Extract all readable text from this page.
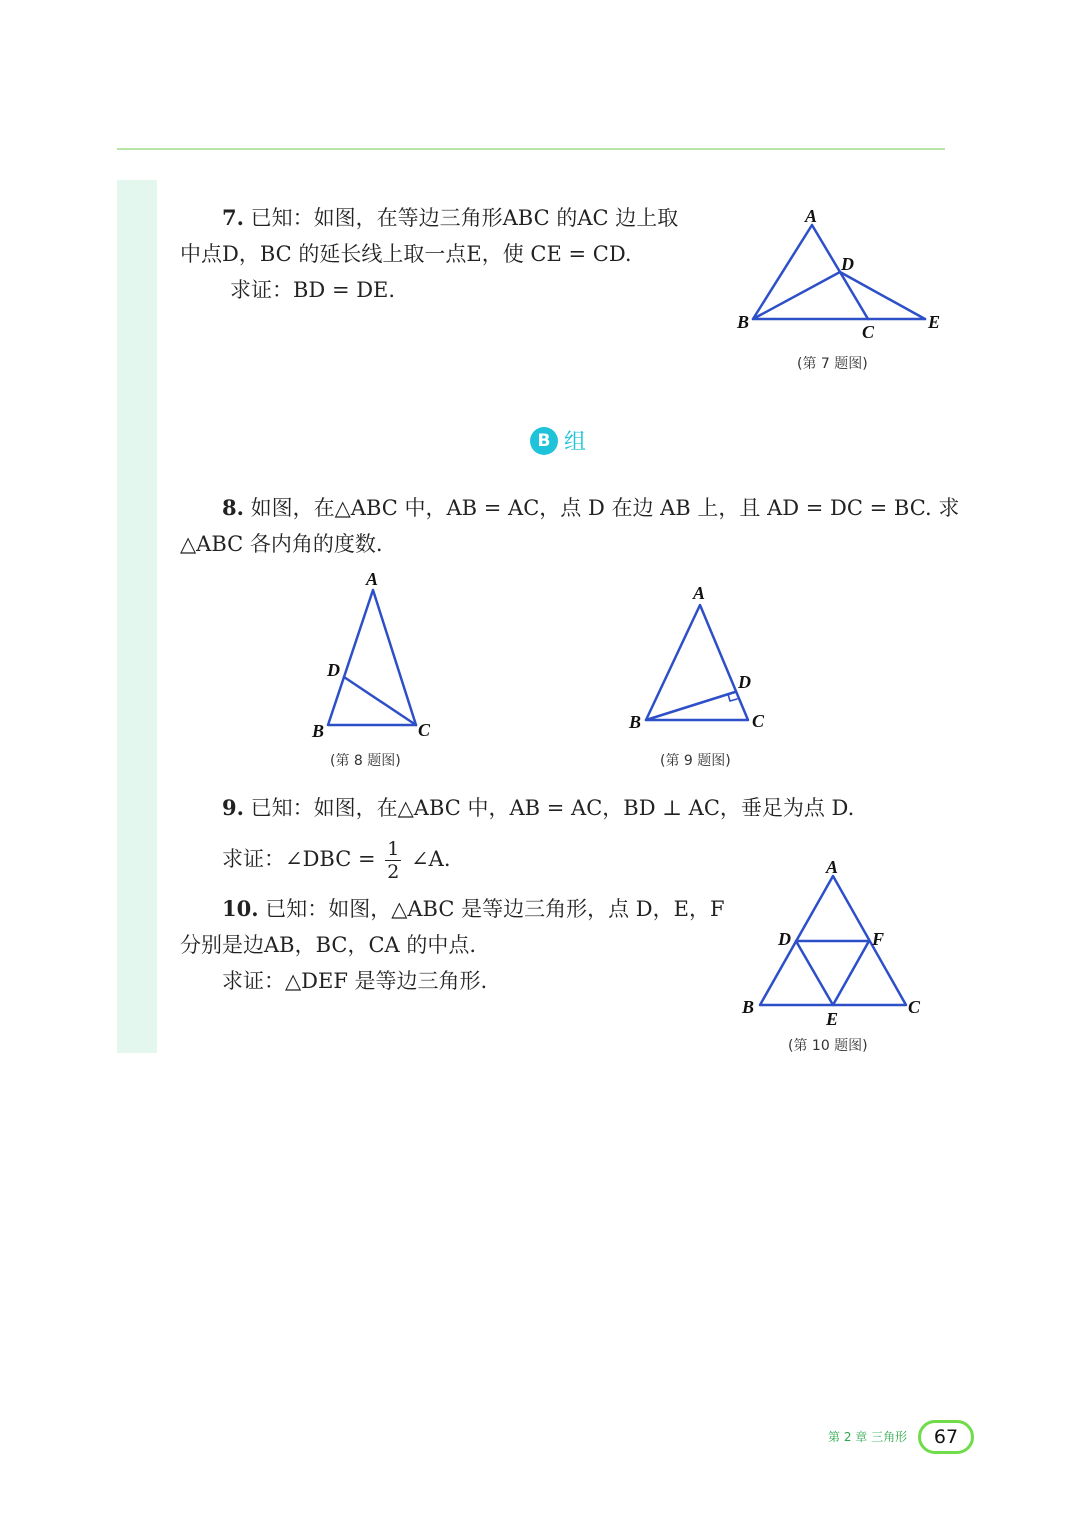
7. 已知：如图，在等边三角形ABC 的AC 边上取
中点D，BC 的延长线上取一点E，使 CE = CD.
求证：BD = DE.
A
B	C
D
E
(第 7 题图)
B 组
8. 如图，在△ABC 中，AB = AC，点 D 在边 AB 上，且 AD = DC = BC. 求
△ABC 各内角的度数.
A
B	C
D
(第 8 题图)
A
B	C
D
(第 9 题图)
9. 已知：如图，在△ABC 中，AB = AC，BD ⊥ AC，垂足为点 D.
求证：∠DBC = $\frac{1}{2}$ ∠A.
10. 已知：如图，△ABC 是等边三角形，点 D，E，F
分别是边AB，BC，CA 的中点.
求证：△DEF 是等边三角形.
A
B	C
D
E
F
(第 10 题图)
第 2 章 三角形	67
